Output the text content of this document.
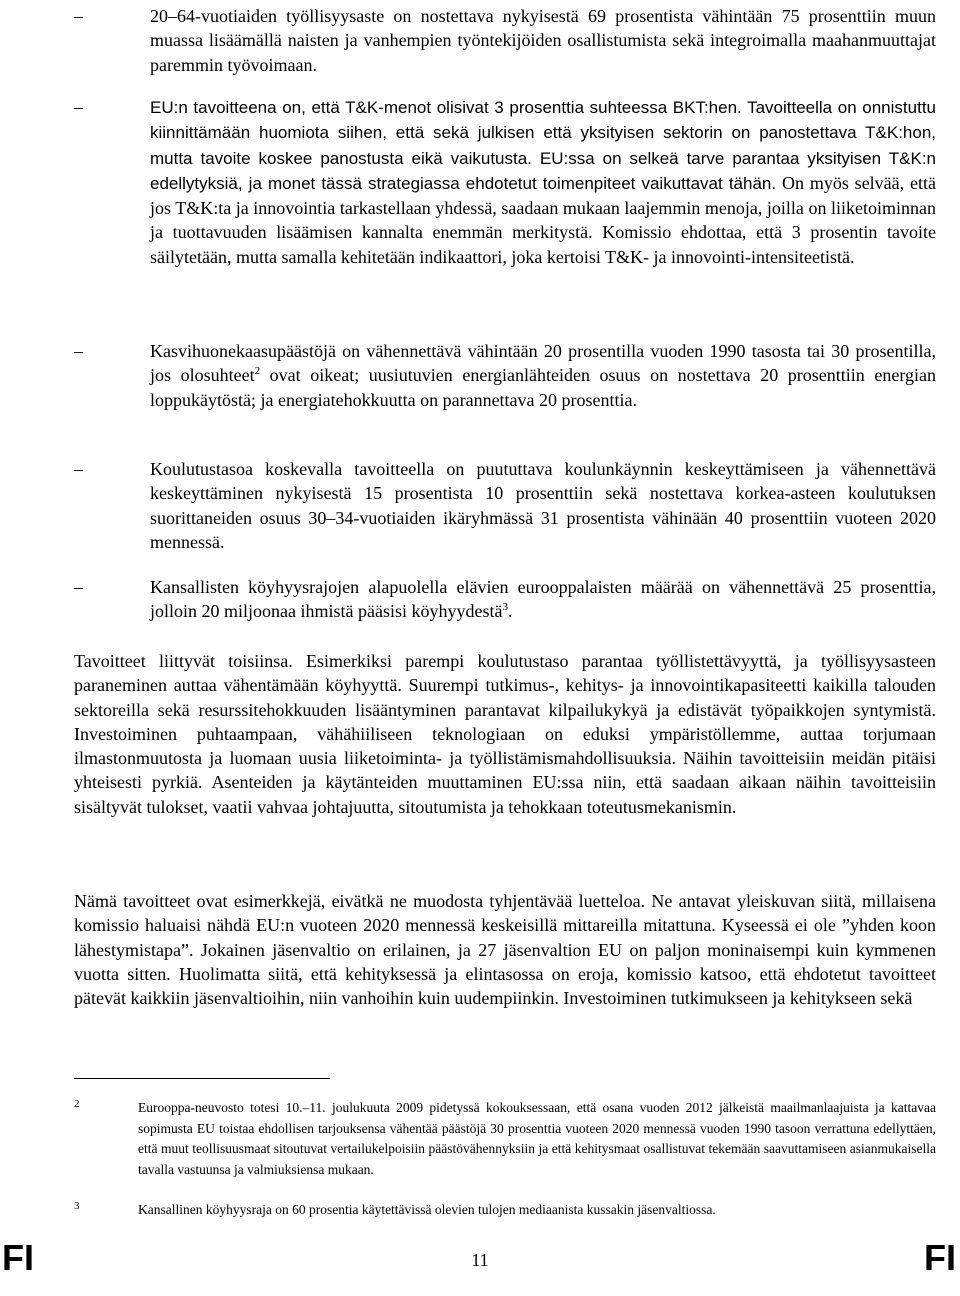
–	20–64-vuotiaiden työllisyysaste on nostettava nykyisestä 69 prosentista vähintään 75 prosenttiin muun muassa lisäämällä naisten ja vanhempien työntekijöiden osallistumista sekä integroimalla maahanmuuttajat paremmin työvoimaan.
–	EU:n tavoitteena on, että T&K-menot olisivat 3 prosenttia suhteessa BKT:hen. Tavoitteella on onnistuttu kiinnittämään huomiota siihen, että sekä julkisen että yksityisen sektorin on panostettava T&K:hon, mutta tavoite koskee panostusta eikä vaikutusta. EU:ssa on selkeä tarve parantaa yksityisen T&K:n edellytyksiä, ja monet tässä strategiassa ehdotetut toimenpiteet vaikuttavat tähän. On myös selvää, että jos T&K:ta ja innovointia tarkastellaan yhdessä, saadaan mukaan laajemmin menoja, joilla on liiketoiminnan ja tuottavuuden lisäämisen kannalta enemmän merkitystä. Komissio ehdottaa, että 3 prosentin tavoite säilytetään, mutta samalla kehitetään indikaattori, joka kertoisi T&K- ja innovointi-intensiteetistä.
–	Kasvihuonekaasupäästöjä on vähennettävä vähintään 20 prosentilla vuoden 1990 tasosta tai 30 prosentilla, jos olosuhteet$^2$ ovat oikeat; uusiutuvien energianlähteiden osuus on nostettava 20 prosenttiin energian loppukäytöstä; ja energiatehokkuutta on parannettava 20 prosenttia.
–	Koulutustasoa koskevalla tavoitteella on puututtava koulunkäynnin keskeyttämiseen ja vähennettävä keskeyttäminen nykyisestä 15 prosentista 10 prosenttiin sekä nostettava korkea-asteen koulutuksen suorittaneiden osuus 30–34-vuotiaiden ikäryhmässä 31 prosentista vähinään 40 prosenttiin vuoteen 2020 mennessä.
–	Kansallisten köyhyysrajojen alapuolella elävien eurooppalaisten määrää on vähennettävä 25 prosenttia, jolloin 20 miljoonaa ihmistä pääsisi köyhyydestä$^3$.

Tavoitteet liittyvät toisiinsa. Esimerkiksi parempi koulutustaso parantaa työllistettävyyttä, ja työllisyysasteen paraneminen auttaa vähentämään köyhyyttä. Suurempi tutkimus-, kehitys- ja innovointikapasiteetti kaikilla talouden sektoreilla sekä resurssitehokkuuden lisääntyminen parantavat kilpailukykyä ja edistävät työpaikkojen syntymistä. Investoiminen puhtaampaan, vähähiiliseen teknologiaan on eduksi ympäristöllemme, auttaa torjumaan ilmastonmuutosta ja luomaan uusia liiketoiminta- ja työllistämismahdollisuuksia. Näihin tavoitteisiin meidän pitäisi yhteisesti pyrkiä. Asenteiden ja käytänteiden muuttaminen EU:ssa niin, että saadaan aikaan näihin tavoitteisiin sisältyvät tulokset, vaatii vahvaa johtajuutta, sitoutumista ja tehokkaan toteutusmekanismin.

Nämä tavoitteet ovat esimerkkejä, eivätkä ne muodosta tyhjentävää luetteloa. Ne antavat yleiskuvan siitä, millaisena komissio haluaisi nähdä EU:n vuoteen 2020 mennessä keskeisillä mittareilla mitattuna. Kyseessä ei ole ”yhden koon lähestymistapa”. Jokainen jäsenvaltio on erilainen, ja 27 jäsenvaltion EU on paljon moninaisempi kuin kymmenen vuotta sitten. Huolimatta siitä, että kehityksessä ja elintasossa on eroja, komissio katsoo, että ehdotetut tavoitteet pätevät kaikkiin jäsenvaltioihin, niin vanhoihin kuin uudempiinkin. Investoiminen tutkimukseen ja kehitykseen sekä

2	Eurooppa-neuvosto totesi 10.–11. joulukuuta 2009 pidetyssä kokouksessaan, että osana vuoden 2012 jälkeistä maailmanlaajuista ja kattavaa sopimusta EU toistaa ehdollisen tarjouksensa vähentää päästöjä 30 prosenttia vuoteen 2020 mennessä vuoden 1990 tasoon verrattuna edellyttäen, että muut teollisuusmaat sitoutuvat vertailukelpoisiin päästövähennyksiin ja että kehitysmaat osallistuvat tekemään saavuttamiseen asianmukaisella tavalla vastuunsa ja valmiuksiensa mukaan.
3	Kansallinen köyhyysraja on 60 prosentia käytettävissä olevien tulojen mediaanista kussakin jäsenvaltiossa.
FI	11	FI
